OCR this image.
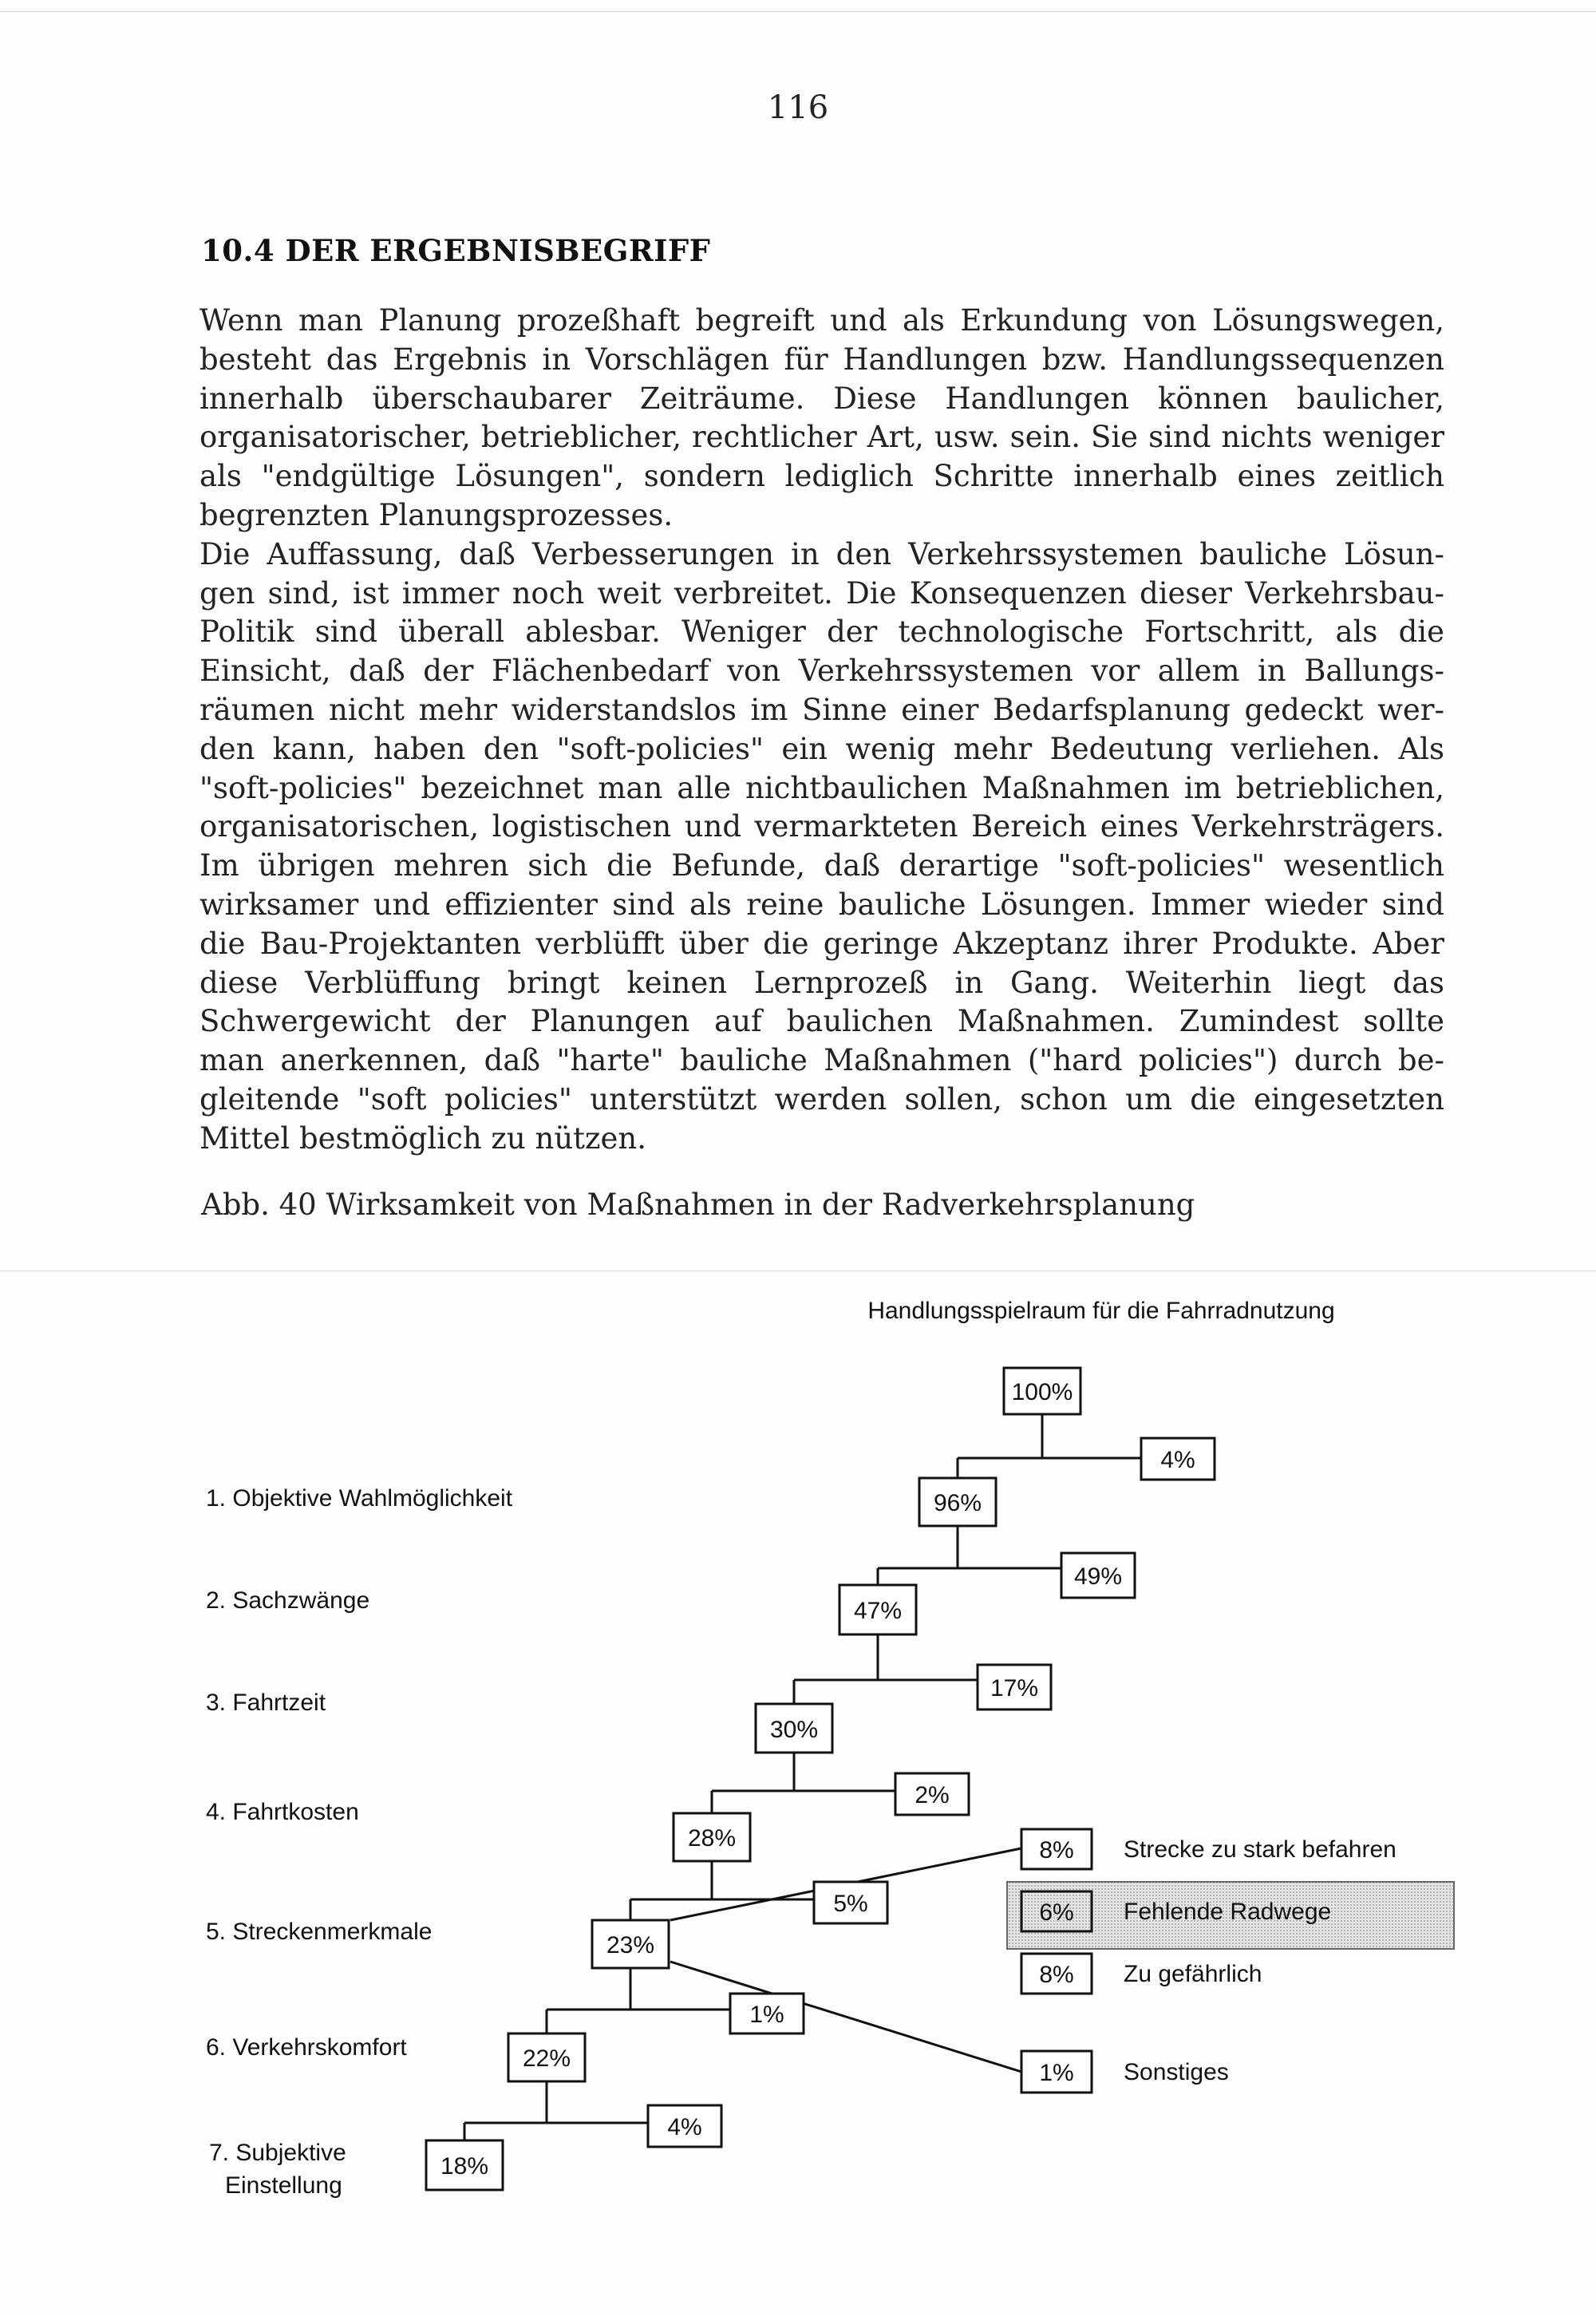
116
10.4 DER ERGEBNISBEGRIFF
Wenn man Planung prozeßhaft begreift und als Erkundung von Lösungswegen,
besteht das Ergebnis in Vorschlägen für Handlungen bzw. Handlungssequenzen
innerhalb überschaubarer Zeiträume. Diese Handlungen können baulicher,
organisatorischer, betrieblicher, rechtlicher Art, usw. sein. Sie sind nichts weniger
als "endgültige Lösungen", sondern lediglich Schritte innerhalb eines zeitlich
begrenzten Planungsprozesses.
Die Auffassung, daß Verbesserungen in den Verkehrssystemen bauliche Lösun-
gen sind, ist immer noch weit verbreitet. Die Konsequenzen dieser Verkehrsbau-
Politik sind überall ablesbar. Weniger der technologische Fortschritt, als die
Einsicht, daß der Flächenbedarf von Verkehrssystemen vor allem in Ballungs-
räumen nicht mehr widerstandslos im Sinne einer Bedarfsplanung gedeckt wer-
den kann, haben den "soft-policies" ein wenig mehr Bedeutung verliehen. Als
"soft-policies" bezeichnet man alle nichtbaulichen Maßnahmen im betrieblichen,
organisatorischen, logistischen und vermarkteten Bereich eines Verkehrsträgers.
Im übrigen mehren sich die Befunde, daß derartige "soft-policies" wesentlich
wirksamer und effizienter sind als reine bauliche Lösungen. Immer wieder sind
die Bau-Projektanten verblüfft über die geringe Akzeptanz ihrer Produkte. Aber
diese Verblüffung bringt keinen Lernprozeß in Gang. Weiterhin liegt das
Schwergewicht der Planungen auf baulichen Maßnahmen. Zumindest sollte
man anerkennen, daß "harte" bauliche Maßnahmen ("hard policies") durch be-
gleitende "soft policies" unterstützt werden sollen, schon um die eingesetzten
Mittel bestmöglich zu nützen.
Abb. 40 Wirksamkeit von Maßnahmen in der Radverkehrsplanung
Handlungsspielraum für die Fahrradnutzung
1. Objektive Wahlmöglichkeit
2. Sachzwänge
3. Fahrtzeit
4. Fahrtkosten
5. Streckenmerkmale
6. Verkehrskomfort
7. Subjektive
Einstellung
100%
96%
47%
30%
28%
23%
22%
18%
4%
49%
17%
2%
5%
1%
4%
8% Strecke zu stark befahren
6% Fehlende Radwege
8% Zu gefährlich
1% Sonstiges
